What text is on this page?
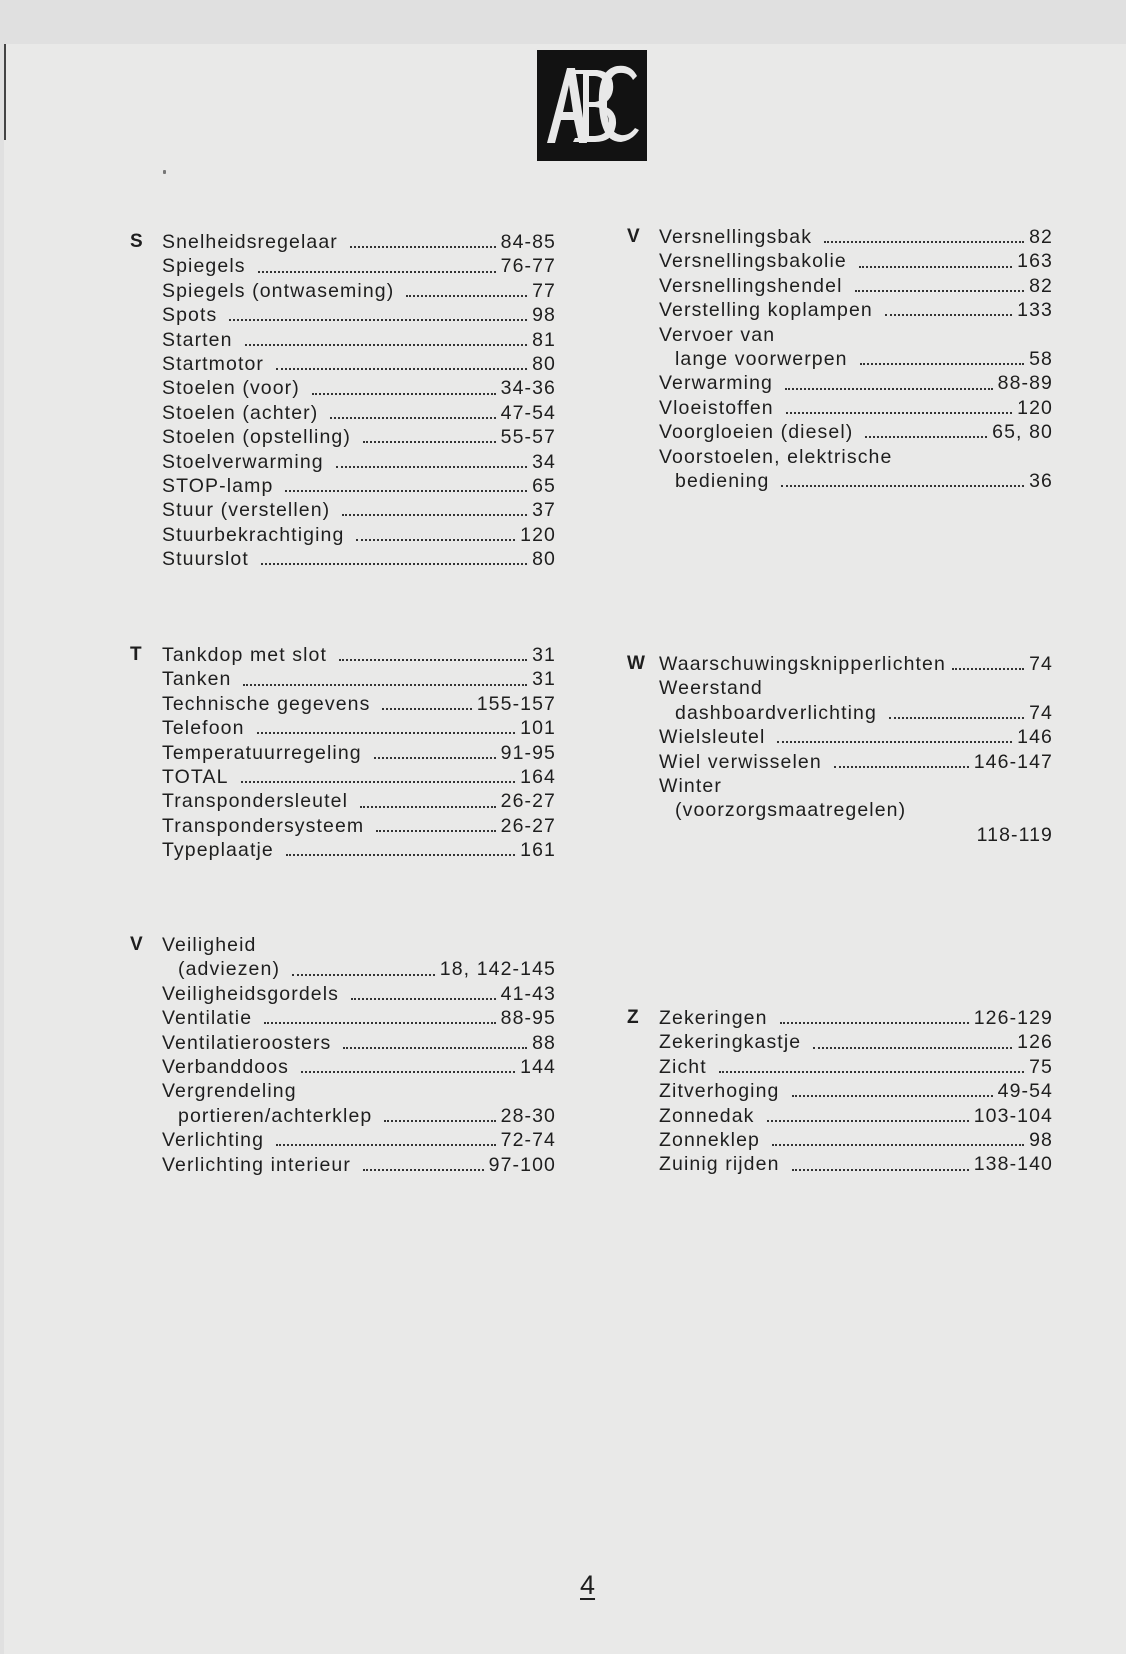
S Snelheidsregelaar	84-85
Spiegels	76-77
Spiegels (ontwaseming)	77
Spots	98
Starten	81
Startmotor	80
Stoelen (voor)	34-36
Stoelen (achter)	47-54
Stoelen (opstelling)	55-57
Stoelverwarming	34
STOP-lamp	65
Stuur (verstellen)	37
Stuurbekrachtiging	120
Stuurslot	80
T Tankdop met slot	31
Tanken	31
Technische gegevens	155-157
Telefoon	101
Temperatuurregeling	91-95
TOTAL	164
Transpondersleutel	26-27
Transpondersysteem	26-27
Typeplaatje	161
V Veiligheid
(adviezen)	18, 142-145
Veiligheidsgordels	41-43
Ventilatie	88-95
Ventilatieroosters	88
Verbanddoos	144
Vergrendeling
portieren/achterklep	28-30
Verlichting	72-74
Verlichting interieur	97-100
V Versnellingsbak	82
Versnellingsbakolie	163
Versnellingshendel	82
Verstelling koplampen	133
Vervoer van
lange voorwerpen	58
Verwarming	88-89
Vloeistoffen	120
Voorgloeien (diesel)	65, 80
Voorstoelen, elektrische
bediening	36
W Waarschuwingsknipperlichten	74
Weerstand
dashboardverlichting	74
Wielsleutel	146
Wiel verwisselen	146-147
Winter
(voorzorgsmaatregelen)
118-119
Z Zekeringen	126-129
Zekeringkastje	126
Zicht	75
Zitverhoging	49-54
Zonnedak	103-104
Zonneklep	98
Zuinig rijden	138-140
4
